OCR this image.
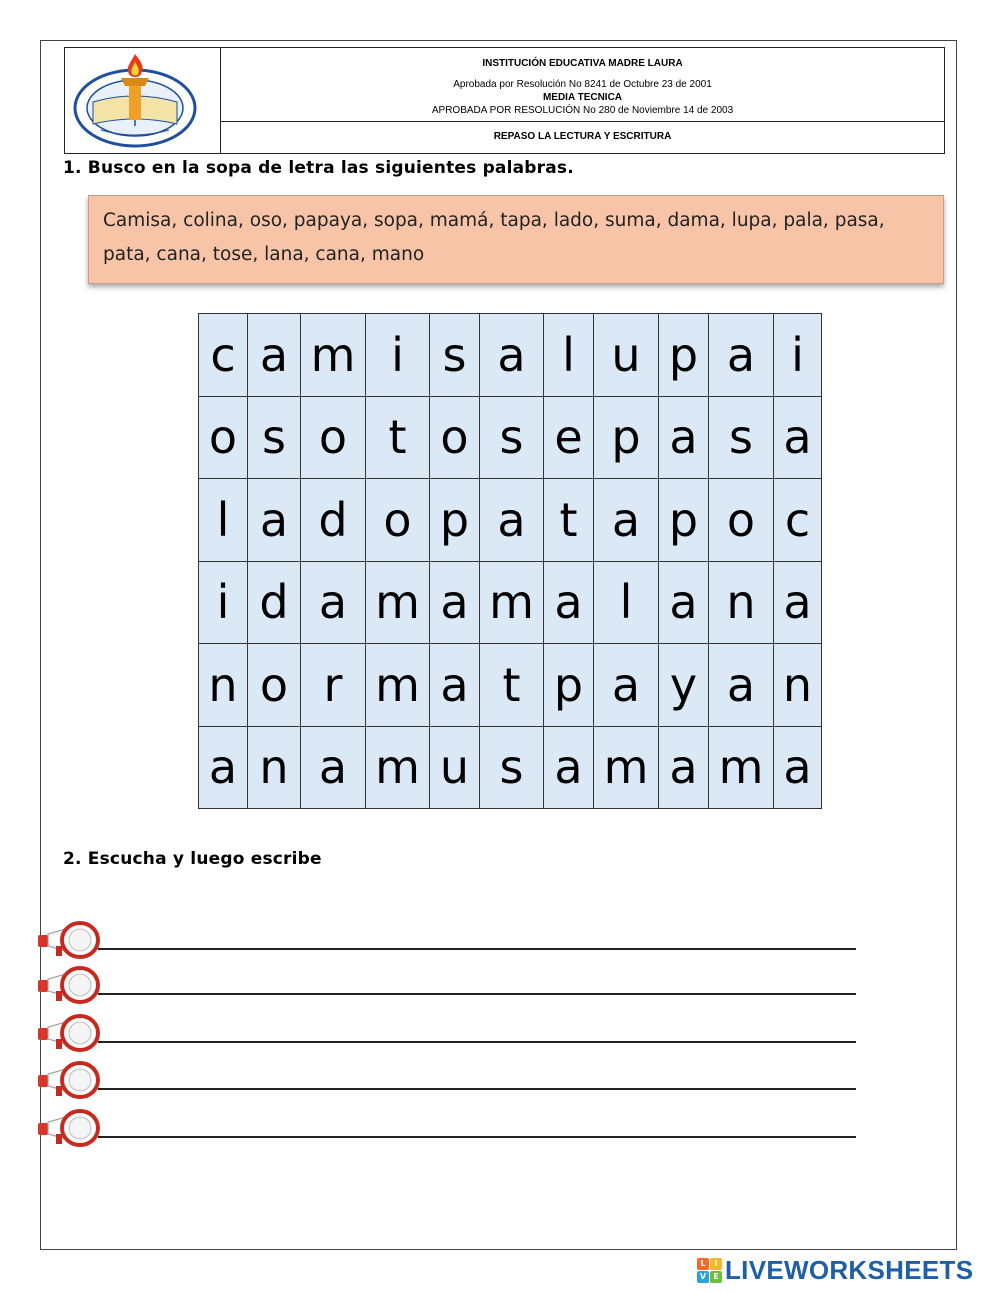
INSTITUCIÓN EDUCATIVA MADRE LAURA
Aprobada por Resolución No 8241 de Octubre 23 de 2001
MEDIA TECNICA
APROBADA POR RESOLUCIÓN No 280 de Noviembre 14 de 2003
REPASO LA LECTURA Y ESCRITURA
1. Busco en la sopa de letra las siguientes palabras.
Camisa, colina, oso, papaya, sopa, mamá, tapa, lado, suma, dama, lupa, pala, pasa, pata, cana, tose, lana, cana, mano
c	a	m	i	s	a	l	u	p	a	i
o	s	o	t	o	s	e	p	a	s	a
l	a	d	o	p	a	t	a	p	o	c
i	d	a	m	a	m	a	l	a	n	a
n	o	r	m	a	t	p	a	y	a	n
a	n	a	m	u	s	a	m	a	m	a
2. Escucha y luego escribe
L	I
V E LIVEWORKSHEETS
